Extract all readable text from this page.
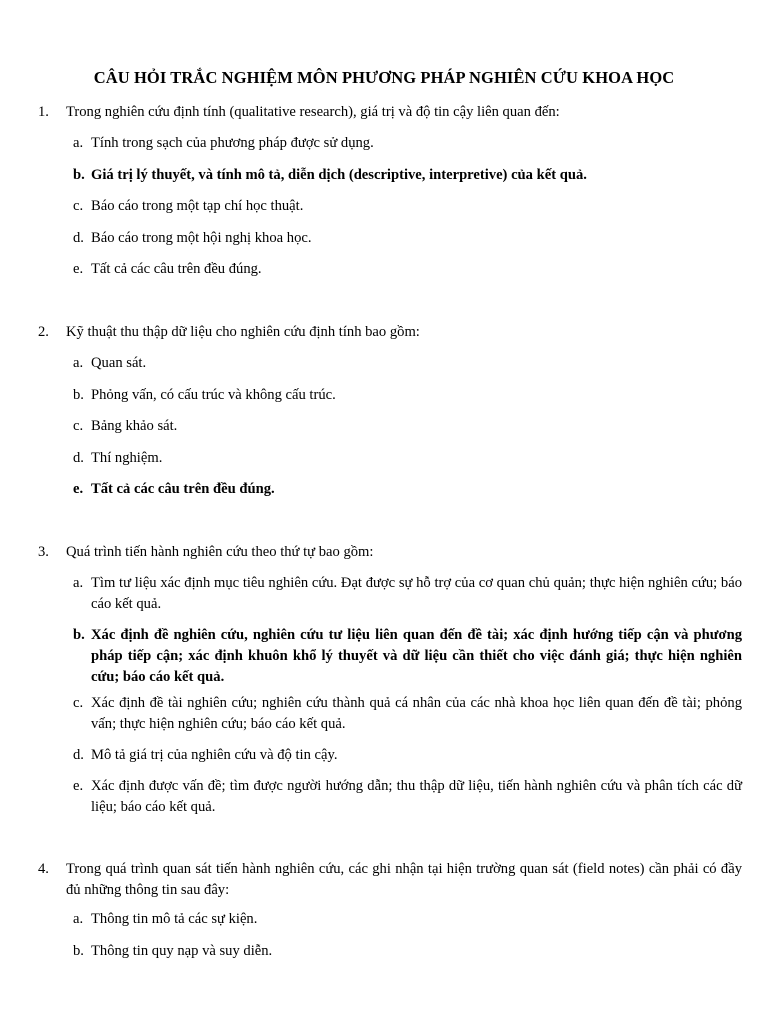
CÂU HỎI TRẮC NGHIỆM MÔN PHƯƠNG PHÁP NGHIÊN CỨU KHOA HỌC
1. Trong nghiên cứu định tính (qualitative research), giá trị và độ tin cậy liên quan đến:
a. Tính trong sạch của phương pháp được sử dụng.
b. Giá trị lý thuyết, và tính mô tả, diễn dịch (descriptive, interpretive) của kết quả.
c. Báo cáo trong một tạp chí học thuật.
d. Báo cáo trong một hội nghị khoa học.
e. Tất cả các câu trên đều đúng.
2. Kỹ thuật thu thập dữ liệu cho nghiên cứu định tính bao gồm:
a. Quan sát.
b. Phỏng vấn, có cấu trúc và không cấu trúc.
c. Bảng khảo sát.
d. Thí nghiệm.
e. Tất cả các câu trên đều đúng.
3. Quá trình tiến hành nghiên cứu theo thứ tự bao gồm:
a. Tìm tư liệu xác định mục tiêu nghiên cứu. Đạt được sự hỗ trợ của cơ quan chủ quản; thực hiện nghiên cứu; báo cáo kết quả.
b. Xác định đề nghiên cứu, nghiên cứu tư liệu liên quan đến đề tài; xác định hướng tiếp cận và phương pháp tiếp cận; xác định khuôn khổ lý thuyết và dữ liệu cần thiết cho việc đánh giá; thực hiện nghiên cứu; báo cáo kết quả.
c. Xác định đề tài nghiên cứu; nghiên cứu thành quả cá nhân của các nhà khoa học liên quan đến đề tài; phỏng vấn; thực hiện nghiên cứu; báo cáo kết quả.
d. Mô tả giá trị của nghiên cứu và độ tin cậy.
e. Xác định được vấn đề; tìm được người hướng dẫn; thu thập dữ liệu, tiến hành nghiên cứu và phân tích các dữ liệu; báo cáo kết quả.
4. Trong quá trình quan sát tiến hành nghiên cứu, các ghi nhận tại hiện trường quan sát (field notes) cần phải có đầy đủ những thông tin sau đây:
a. Thông tin mô tả các sự kiện.
b. Thông tin quy nạp và suy diễn.
